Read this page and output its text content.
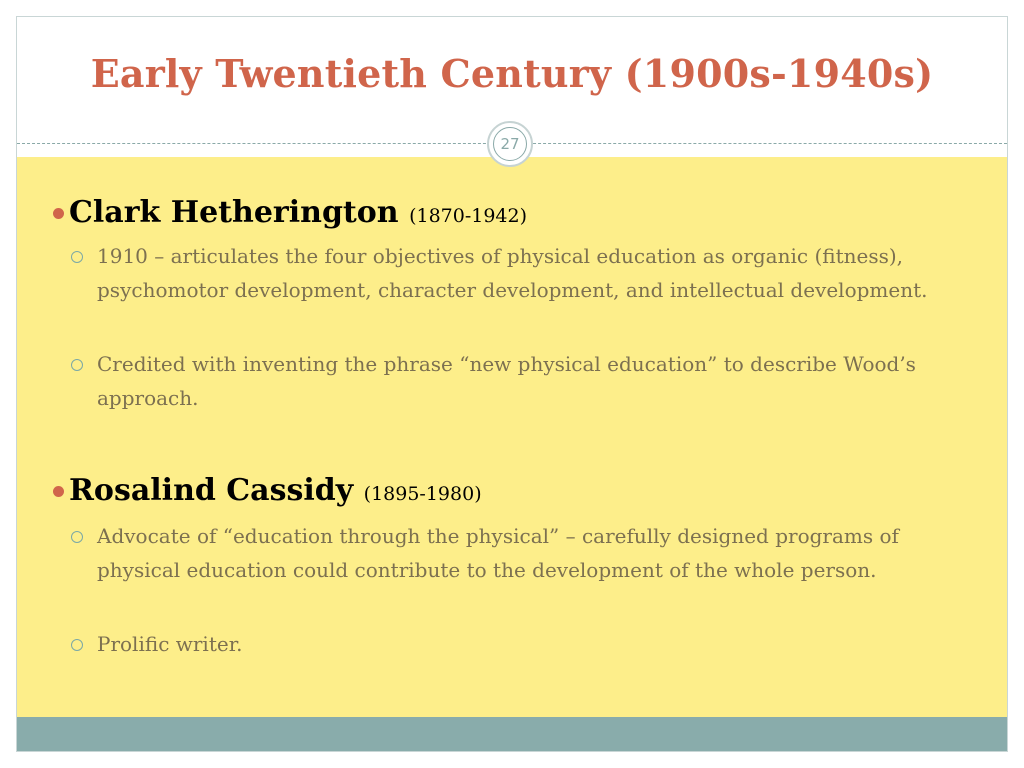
Early Twentieth Century (1900s-1940s)
27
Clark Hetherington (1870-1942)
1910 – articulates the four objectives of physical education as organic (fitness), psychomotor development, character development, and intellectual development.
Credited with inventing the phrase “new physical education” to describe Wood’s approach.
Rosalind Cassidy (1895-1980)
Advocate of “education through the physical” – carefully designed programs of physical education could contribute to the development of the whole person.
Prolific writer.
